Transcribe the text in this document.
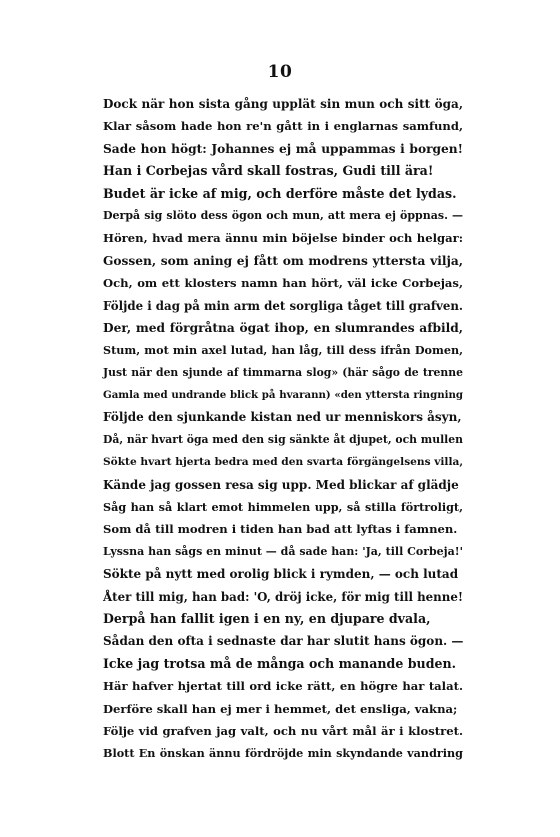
10
Dock när hon sista gång upplät sin mun och sitt öga,
Klar såsom hade hon re'n gått in i englarnas samfund,
Sade hon högt: Johannes ej må uppammas i borgen!
Han i Corbejas vård skall fostras, Gudi till ära!
Budet är icke af mig, och derföre måste det lydas.
Derpå sig slöto dess ögon och mun, att mera ej öppnas. —
Hören, hvad mera ännu min böjelse binder och helgar:
Gossen, som aning ej fått om modrens yttersta vilja,
Och, om ett klosters namn han hört, väl icke Corbejas,
Följde i dag på min arm det sorgliga tåget till grafven.
Der, med förgråtna ögat ihop, en slumrandes afbild,
Stum, mot min axel lutad, han låg, till dess ifrån Domen,
Just när den sjunde af timmarna slog» (här sågo de trenne
Gamla med undrande blick på hvarann) «den yttersta ringning
Följde den sjunkande kistan ned ur menniskors åsyn,
Då, när hvart öga med den sig sänkte åt djupet, och mullen
Sökte hvart hjerta bedra med den svarta förgängelsens villa,
Kände jag gossen resa sig upp. Med blickar af glädje
Såg han så klart emot himmelen upp, så stilla förtroligt,
Som då till modren i tiden han bad att lyftas i famnen.
Lyssna han sågs en minut — då sade han: 'Ja, till Corbeja!'
Sökte på nytt med orolig blick i rymden, — och lutad
Åter till mig, han bad: 'O, dröj icke, för mig till henne!
Derpå han fallit igen i en ny, en djupare dvala,
Sådan den ofta i sednaste dar har slutit hans ögon. —
Icke jag trotsa må de många och manande buden.
Här hafver hjertat till ord icke rätt, en högre har talat.
Derföre skall han ej mer i hemmet, det ensliga, vakna;
Följe vid grafven jag valt, och nu vårt mål är i klostret.
Blott En önskan ännu fördröjde min skyndande vandring
